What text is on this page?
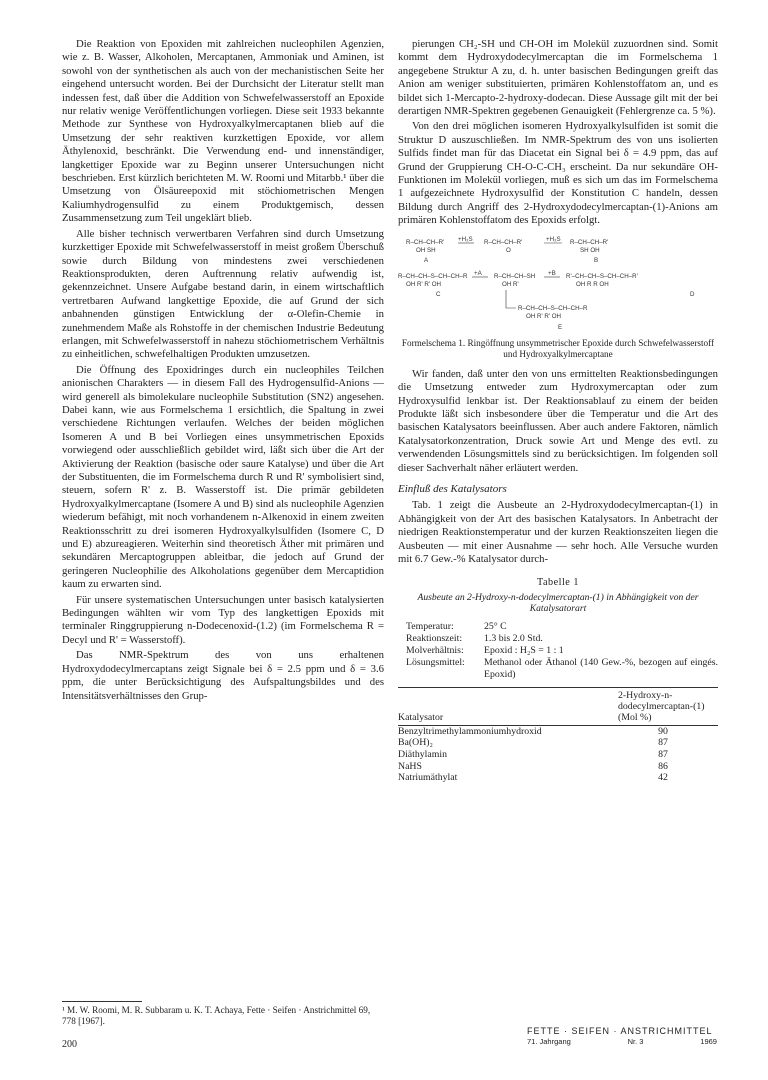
Die Reaktion von Epoxiden mit zahlreichen nucleophilen Agenzien, wie z. B. Wasser, Alkoholen, Mercaptanen, Ammoniak und Aminen, ist sowohl von der synthetischen als auch von der mechanistischen Seite her eingehend untersucht worden. Bei der Durchsicht der Literatur stellt man indessen fest, daß über die Addition von Schwefelwasserstoff an Epoxide nur relativ wenige Veröffentlichungen vorliegen. Diese seit 1933 bekannte Methode zur Synthese von Hydroxyalkylmercaptanen blieb auf die Umsetzung der sehr reaktiven kurzkettigen Epoxide, vor allem Äthylenoxid, beschränkt. Die Verwendung end- und innenständiger, langkettiger Epoxide war zu Beginn unserer Untersuchungen nicht beschrieben. Erst kürzlich berichteten M. W. Roomi und Mitarbb.¹ über die Umsetzung von Ölsäureepoxid mit stöchiometrischen Mengen Kaliumhydrogensulfid zu einem Produktgemisch, dessen Zusammensetzung zum Teil ungeklärt blieb.

Alle bisher technisch verwertbaren Verfahren sind durch Umsetzung kurzkettiger Epoxide mit Schwefelwasserstoff in meist großem Überschuß sowie durch Bildung von mindestens zwei verschiedenen Reaktionsprodukten, deren Auftrennung relativ aufwendig ist, gekennzeichnet. Unsere Aufgabe bestand darin, in einem wirtschaftlich vertretbaren Aufwand langkettige Epoxide, die auf Grund der sich anbahnenden günstigen Entwicklung der α-Olefin-Chemie in zunehmendem Maße als Rohstoffe in der chemischen Industrie Bedeutung erlangen, mit Schwefelwasserstoff in nahezu stöchiometrischem Verhältnis zu einheitlichen, schwefelhaltigen Produkten umzusetzen.

Die Öffnung des Epoxidringes durch ein nucleophiles Teilchen anionischen Charakters — in diesem Fall des Hydrogensulfid-Anions — wird generell als bimolekulare nucleophile Substitution (SN2) angesehen. Dabei kann, wie aus Formelschema 1 ersichtlich, die Spaltung in zwei verschiedene Richtungen verlaufen. Welches der beiden möglichen Isomeren A und B bei Vorliegen eines unsymmetrischen Epoxids vorwiegend oder ausschließlich gebildet wird, läßt sich über die Art der Aktivierung der Reaktion (basische oder saure Katalyse) und über die Art der Substituenten, die im Formelschema durch R und R' symbolisiert sind, steuern, sofern R' z. B. Wasserstoff ist. Die primär gebildeten Hydroxyalkylmercaptane (Isomere A und B) sind als nucleophile Agenzien wiederum befähigt, mit noch vorhandenem n-Alkenoxid in einem zweiten Reaktionsschritt zu drei isomeren Hydroxyalkylsulfiden (Isomere C, D und E) abzureagieren. Weiterhin sind theoretisch Äther mit primären und sekundären Mercaptogruppen ableitbar, die jedoch auf Grund der geringeren Nucleophilie des Alkoholations gegenüber dem Mercaptidion kaum zu erwarten sind.

Für unsere systematischen Untersuchungen unter basisch katalysierten Bedingungen wählten wir vom Typ des langkettigen Epoxids mit terminaler Ringgruppierung n-Dodecenoxid-(1.2) (im Formelschema R = Decyl und R' = Wasserstoff).

Das NMR-Spektrum des von uns erhaltenen Hydroxydodecylmercaptans zeigt Signale bei δ = 2.5 ppm und δ = 3.6 ppm, die unter Berücksichtigung des Aufspaltungsbildes und des Intensitätsverhältnisses den Grup-

pierungen CH₂-SH und CH-OH im Molekül zuzuordnen sind. Somit kommt dem Hydroxydodecylmercaptan die im Formelschema 1 angegebene Struktur A zu, d. h. unter basischen Bedingungen greift das Anion am weniger substituierten, primären Kohlenstoffatom an, und es bildet sich 1-Mercapto-2-hydroxy-dodecan. Diese Aussage gilt mit der bei derartigen NMR-Spektren gegebenen Genauigkeit (Fehlergrenze ca. 5 %).

Von den drei möglichen isomeren Hydroxyalkylsulfiden ist somit die Struktur D auszuschließen. Im NMR-Spektrum des von uns isolierten Sulfids findet man für das Diacetat ein Signal bei δ = 4.9 ppm, das auf Grund der Gruppierung CH-O-C-CH₃ erscheint. Da nur sekundäre OH-Funktionen im Molekül vorliegen, muß es sich um das im Formelschema 1 aufgezeichnete Hydroxysulfid der Konstitution C handeln, dessen Bildung durch Angriff des 2-Hydroxydodecylmercaptan-(1)-Anions am primären Kohlenstoffatom des Epoxids erfolgt.

R–CH–CH–R'
OH SH
+H₂S R–CH–CH–R'
O
+H₂S R–CH–CH–R'
SH OH
A	B
R–CH–CH–S–CH–CH–R
OH R' R' OH
+A R–CH–CH–SH
OH R'
+B R'–CH–CH–S–CH–CH–R'
OH R R OH
C	D
R–CH–CH–S–CH–CH–R
OH R' R' OH
E
Formelschema 1. Ringöffnung unsymmetrischer Epoxide durch Schwefelwasserstoff und Hydroxyalkylmercaptane

Wir fanden, daß unter den von uns ermittelten Reaktionsbedingungen die Umsetzung entweder zum Hydroxymercaptan oder zum Hydroxysulfid lenkbar ist. Der Reaktionsablauf zu einem der beiden Produkte läßt sich insbesondere über die Temperatur und die Art des basischen Katalysators beeinflussen. Aber auch andere Faktoren, nämlich Katalysatorkonzentration, Druck sowie Art und Menge des evtl. zu verwendenden Lösungsmittels sind zu berücksichtigen. Im folgenden soll dieser Sachverhalt näher erläutert werden.

Einfluß des Katalysators

Tab. 1 zeigt die Ausbeute an 2-Hydroxydodecylmercaptan-(1) in Abhängigkeit von der Art des basischen Katalysators. In Anbetracht der niedrigen Reaktionstemperatur und der kurzen Reaktionszeiten liegen die Ausbeuten — mit einer Ausnahme — sehr hoch. Alle Versuche wurden mit 6.7 Gew.-% Katalysator durch-

Tabelle 1
Ausbeute an 2-Hydroxy-n-dodecylmercaptan-(1) in Abhängigkeit von der Katalysatorart
Temperatur:	25° C
Reaktionszeit:	1.3 bis 2.0 Std.
Molverhältnis:	Epoxid : H₂S = 1 : 1
Lösungsmittel:	Methanol oder Äthanol (140 Gew.-%, bezogen auf eingés. Epoxid)
Katalysator	2-Hydroxy-n-dodecylmercaptan-(1) (Mol %)
Benzyltrimethylammoniumhydroxid	90
Ba(OH)₂	87
Diäthylamin	87
NaHS	86
Natriumäthylat	42
¹ M. W. Roomi, M. R. Subbaram u. K. T. Achaya, Fette · Seifen · Anstrichmittel 69, 778 [1967].
200
FETTE · SEIFEN · ANSTRICHMITTEL
71. Jahrgang	Nr. 3	1969
